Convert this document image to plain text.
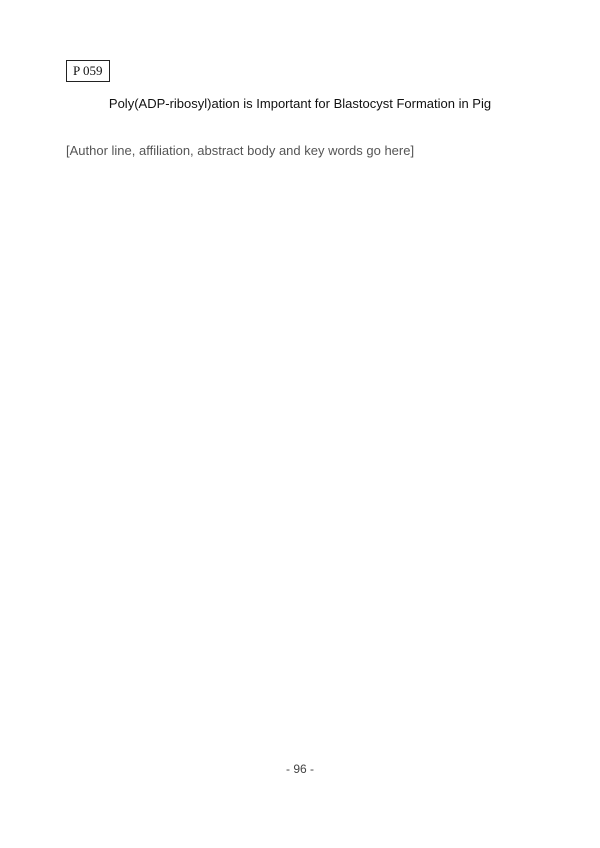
P 059
Poly(ADP-ribosyl)ation is Important for Blastocyst Formation in Pig
[Author line, affiliation, abstract body and key words go here]
- 96 -
